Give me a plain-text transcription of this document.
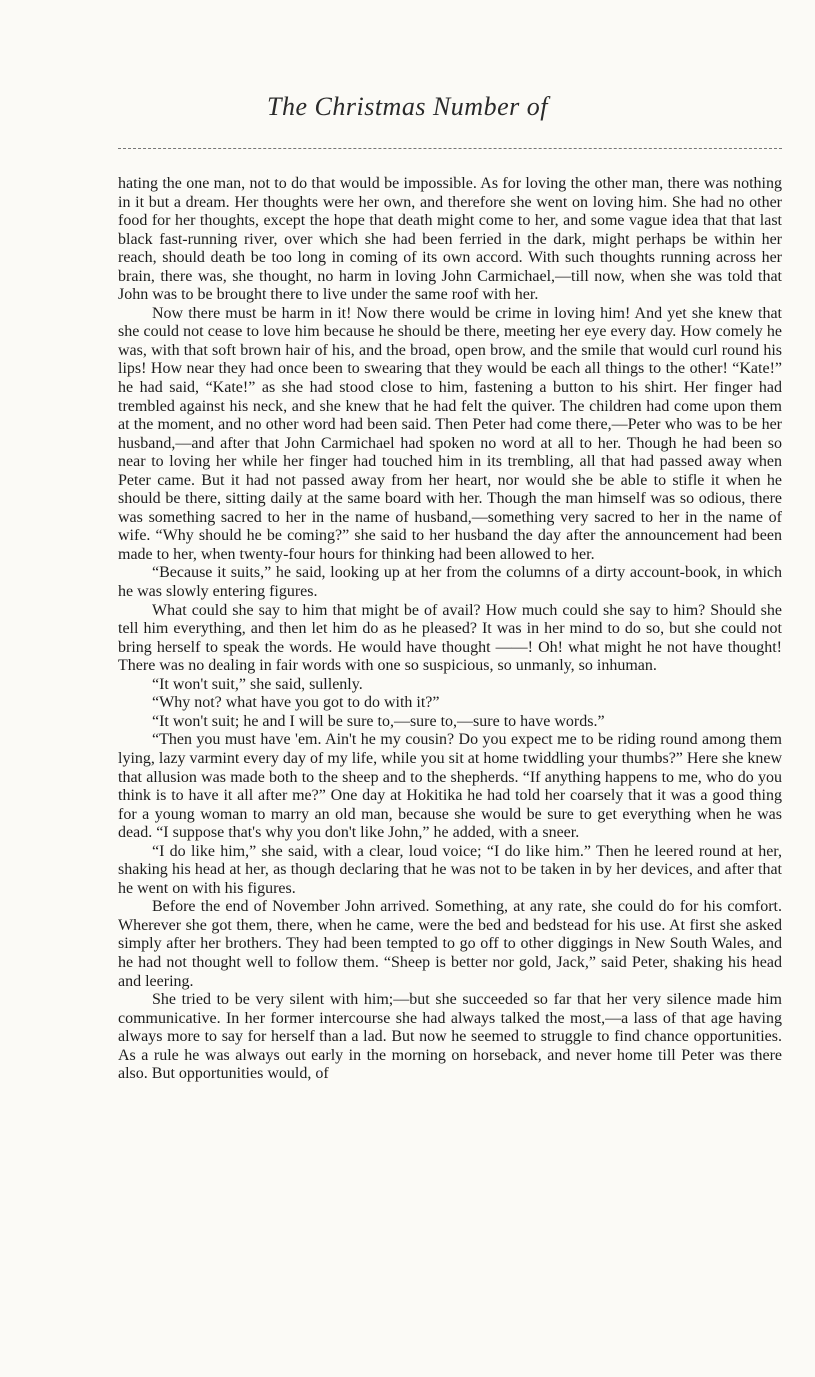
The Christmas Number of

hating the one man, not to do that would be impossible. As for loving the other man, there was nothing in it but a dream. Her thoughts were her own, and therefore she went on loving him. She had no other food for her thoughts, except the hope that death might come to her, and some vague idea that that last black fast-running river, over which she had been ferried in the dark, might perhaps be within her reach, should death be too long in coming of its own accord. With such thoughts running across her brain, there was, she thought, no harm in loving John Carmichael,—till now, when she was told that John was to be brought there to live under the same roof with her.

Now there must be harm in it! Now there would be crime in loving him! And yet she knew that she could not cease to love him because he should be there, meeting her eye every day. How comely he was, with that soft brown hair of his, and the broad, open brow, and the smile that would curl round his lips! How near they had once been to swearing that they would be each all things to the other! “Kate!” he had said, “Kate!” as she had stood close to him, fastening a button to his shirt. Her finger had trembled against his neck, and she knew that he had felt the quiver. The children had come upon them at the moment, and no other word had been said. Then Peter had come there,—Peter who was to be her husband,—and after that John Carmichael had spoken no word at all to her. Though he had been so near to loving her while her finger had touched him in its trembling, all that had passed away when Peter came. But it had not passed away from her heart, nor would she be able to stifle it when he should be there, sitting daily at the same board with her. Though the man himself was so odious, there was something sacred to her in the name of husband,—something very sacred to her in the name of wife. “Why should he be coming?” she said to her husband the day after the announcement had been made to her, when twenty-four hours for thinking had been allowed to her.

“Because it suits,” he said, looking up at her from the columns of a dirty account-book, in which he was slowly entering figures.

What could she say to him that might be of avail? How much could she say to him? Should she tell him everything, and then let him do as he pleased? It was in her mind to do so, but she could not bring herself to speak the words. He would have thought ——! Oh! what might he not have thought! There was no dealing in fair words with one so suspicious, so unmanly, so inhuman.

“It won't suit,” she said, sullenly.

“Why not? what have you got to do with it?”

“It won't suit; he and I will be sure to,—sure to,—sure to have words.”

“Then you must have 'em. Ain't he my cousin? Do you expect me to be riding round among them lying, lazy varmint every day of my life, while you sit at home twiddling your thumbs?” Here she knew that allusion was made both to the sheep and to the shepherds. “If anything happens to me, who do you think is to have it all after me?” One day at Hokitika he had told her coarsely that it was a good thing for a young woman to marry an old man, because she would be sure to get everything when he was dead. “I suppose that's why you don't like John,” he added, with a sneer.

“I do like him,” she said, with a clear, loud voice; “I do like him.” Then he leered round at her, shaking his head at her, as though declaring that he was not to be taken in by her devices, and after that he went on with his figures.

Before the end of November John arrived. Something, at any rate, she could do for his comfort. Wherever she got them, there, when he came, were the bed and bedstead for his use. At first she asked simply after her brothers. They had been tempted to go off to other diggings in New South Wales, and he had not thought well to follow them. “Sheep is better nor gold, Jack,” said Peter, shaking his head and leering.

She tried to be very silent with him;—but she succeeded so far that her very silence made him communicative. In her former intercourse she had always talked the most,—a lass of that age having always more to say for herself than a lad. But now he seemed to struggle to find chance opportunities. As a rule he was always out early in the morning on horseback, and never home till Peter was there also. But opportunities would, of
